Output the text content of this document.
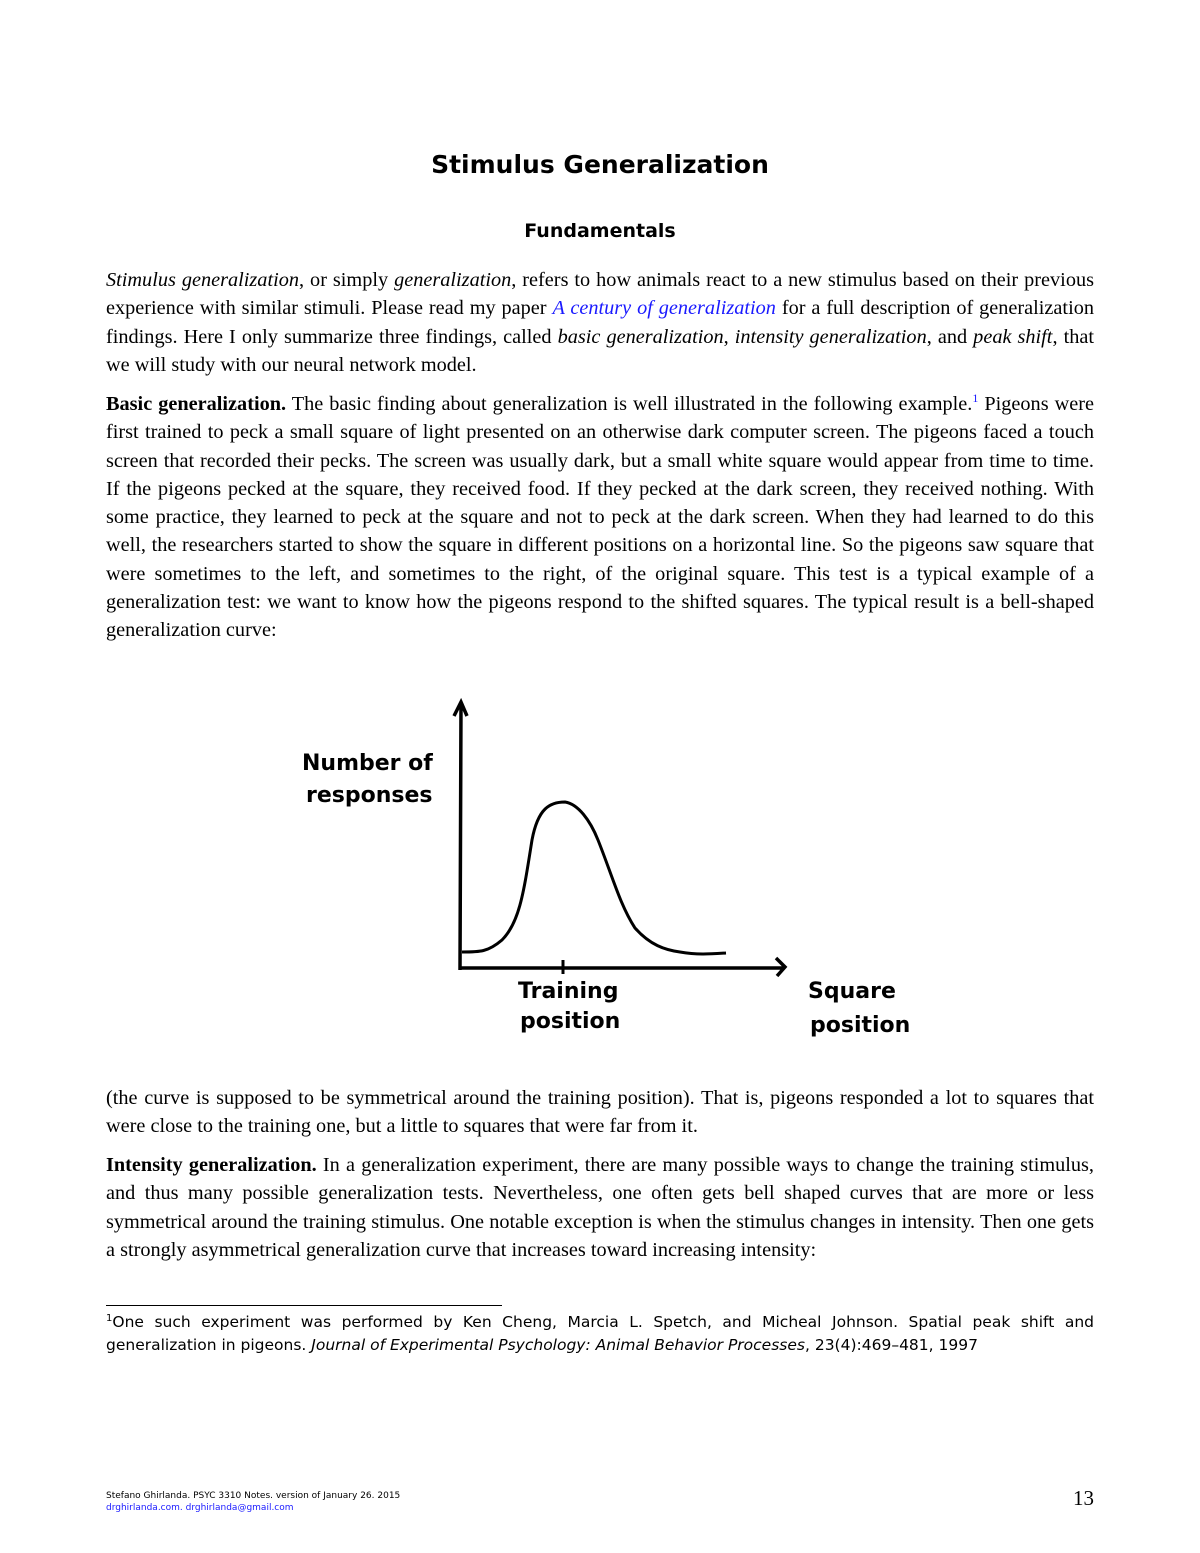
Stimulus Generalization
Fundamentals

Stimulus generalization, or simply generalization, refers to how animals react to a new stimulus based on their previous experience with similar stimuli. Please read my paper A century of generalization for a full description of generalization findings. Here I only summarize three findings, called basic generalization, intensity generalization, and peak shift, that we will study with our neural network model.

Basic generalization. The basic finding about generalization is well illustrated in the following example.$^1$ Pigeons were first trained to peck a small square of light presented on an otherwise dark computer screen. The pigeons faced a touch screen that recorded their pecks. The screen was usually dark, but a small white square would appear from time to time. If the pigeons pecked at the square, they received food. If they pecked at the dark screen, they received nothing. With some practice, they learned to peck at the square and not to peck at the dark screen. When they had learned to do this well, the researchers started to show the square in different positions on a horizontal line. So the pigeons saw square that were sometimes to the left, and sometimes to the right, of the original square. This test is a typical example of a generalization test: we want to know how the pigeons respond to the shifted squares. The typical result is a bell-shaped generalization curve:

Number of
responses
Training
position
Square
position

(the curve is supposed to be symmetrical around the training position). That is, pigeons responded a lot to squares that were close to the training one, but a little to squares that were far from it.

Intensity generalization. In a generalization experiment, there are many possible ways to change the training stimulus, and thus many possible generalization tests. Nevertheless, one often gets bell shaped curves that are more or less symmetrical around the training stimulus. One notable exception is when the stimulus changes in intensity. Then one gets a strongly asymmetrical generalization curve that increases toward increasing intensity:

$^1$One such experiment was performed by Ken Cheng, Marcia L. Spetch, and Micheal Johnson. Spatial peak shift and generalization in pigeons. Journal of Experimental Psychology: Animal Behavior Processes, 23(4):469–481, 1997
Stefano Ghirlanda. PSYC 3310 Notes. version of January 26. 2015
drghirlanda.com. drghirlanda@gmail.com	13
